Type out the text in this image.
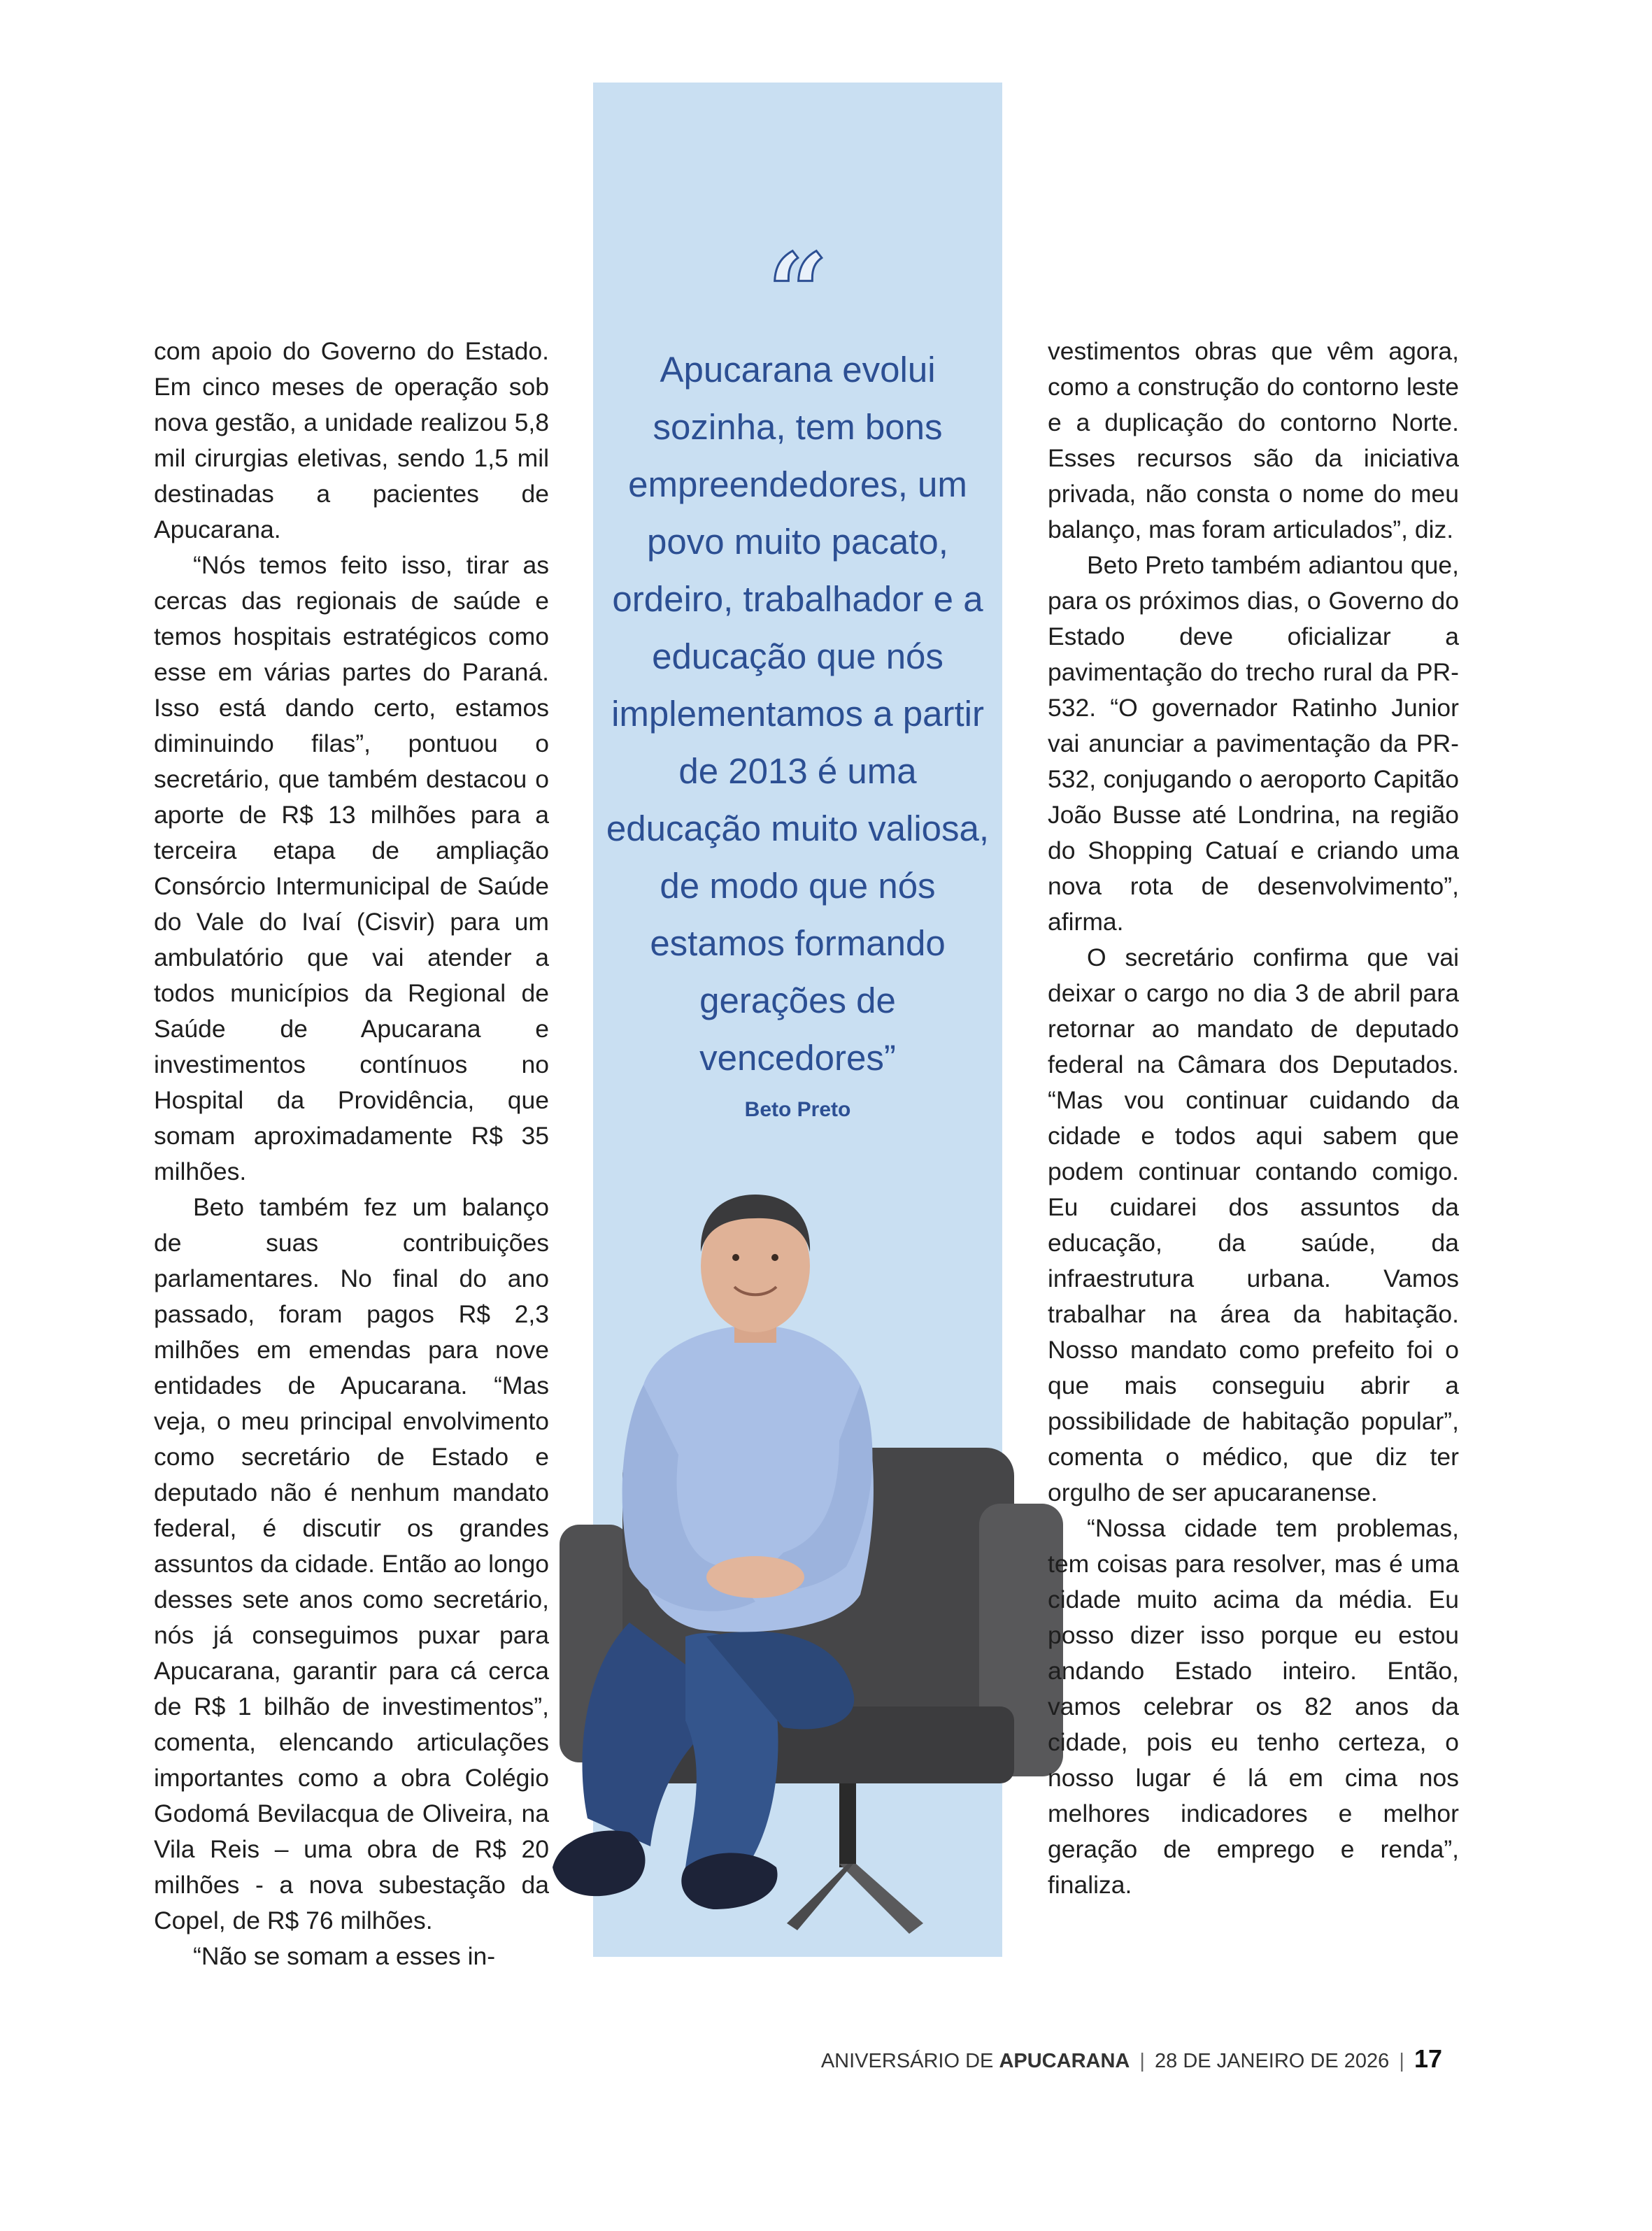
com apoio do Governo do Estado. Em cinco meses de operação sob nova gestão, a unidade realizou 5,8 mil cirurgias eletivas, sendo 1,5 mil destinadas a pacientes de Apucarana.

“Nós temos feito isso, tirar as cercas das regionais de saúde e temos hospitais estratégicos como esse em várias partes do Paraná. Isso está dando certo, estamos diminuindo filas”, pontuou o secretário, que também destacou o aporte de R$ 13 milhões para a terceira etapa de ampliação Consórcio Intermunicipal de Saúde do Vale do Ivaí (Cisvir) para um ambulatório que vai atender a todos municípios da Regional de Saúde de Apucarana e investimentos contínuos no Hospital da Providência, que somam aproximadamente R$ 35 milhões.

Beto também fez um balanço de suas contribuições parlamentares. No final do ano passado, foram pagos R$ 2,3 milhões em emendas para nove entidades de Apucarana. “Mas veja, o meu principal envolvimento como secretário de Estado e deputado não é nenhum mandato federal, é discutir os grandes assuntos da cidade. Então ao longo desses sete anos como secretário, nós já conseguimos puxar para Apucarana, garantir para cá cerca de R$ 1 bilhão de investimentos”, comenta, elencando articulações importantes como a obra Colégio Godomá Bevilacqua de Oliveira, na Vila Reis – uma obra de R$ 20 milhões - a nova subestação da Copel, de R$ 76 milhões.

“Não se somam a esses in-

“

Apucarana evolui sozinha, tem bons empreendedores, um povo muito pacato, ordeiro, trabalhador e a educação que nós implementamos a partir de 2013 é uma educação muito valiosa, de modo que nós estamos formando gerações de vencedores”

Beto Preto

vestimentos obras que vêm agora, como a construção do contorno leste e a duplicação do contorno Norte. Esses recursos são da iniciativa privada, não consta o nome do meu balanço, mas foram articulados”, diz.

Beto Preto também adiantou que, para os próximos dias, o Governo do Estado deve oficializar a pavimentação do trecho rural da PR-532. “O governador Ratinho Junior vai anunciar a pavimentação da PR-532, conjugando o aeroporto Capitão João Busse até Londrina, na região do Shopping Catuaí e criando uma nova rota de desenvolvimento”, afirma.

O secretário confirma que vai deixar o cargo no dia 3 de abril para retornar ao mandato de deputado federal na Câmara dos Deputados. “Mas vou continuar cuidando da cidade e todos aqui sabem que podem continuar contando comigo. Eu cuidarei dos assuntos da educação, da saúde, da infraestrutura urbana. Vamos trabalhar na área da habitação. Nosso mandato como prefeito foi o que mais conseguiu abrir a possibilidade de habitação popular”, comenta o médico, que diz ter orgulho de ser apucaranense.

“Nossa cidade tem problemas, tem coisas para resolver, mas é uma cidade muito acima da média. Eu posso dizer isso porque eu estou andando Estado inteiro. Então, vamos celebrar os 82 anos da cidade, pois eu tenho certeza, o nosso lugar é lá em cima nos melhores indicadores e melhor geração de emprego e renda”, finaliza.

ANIVERSÁRIO DE APUCARANA | 28 DE JANEIRO DE 2026 | 17
